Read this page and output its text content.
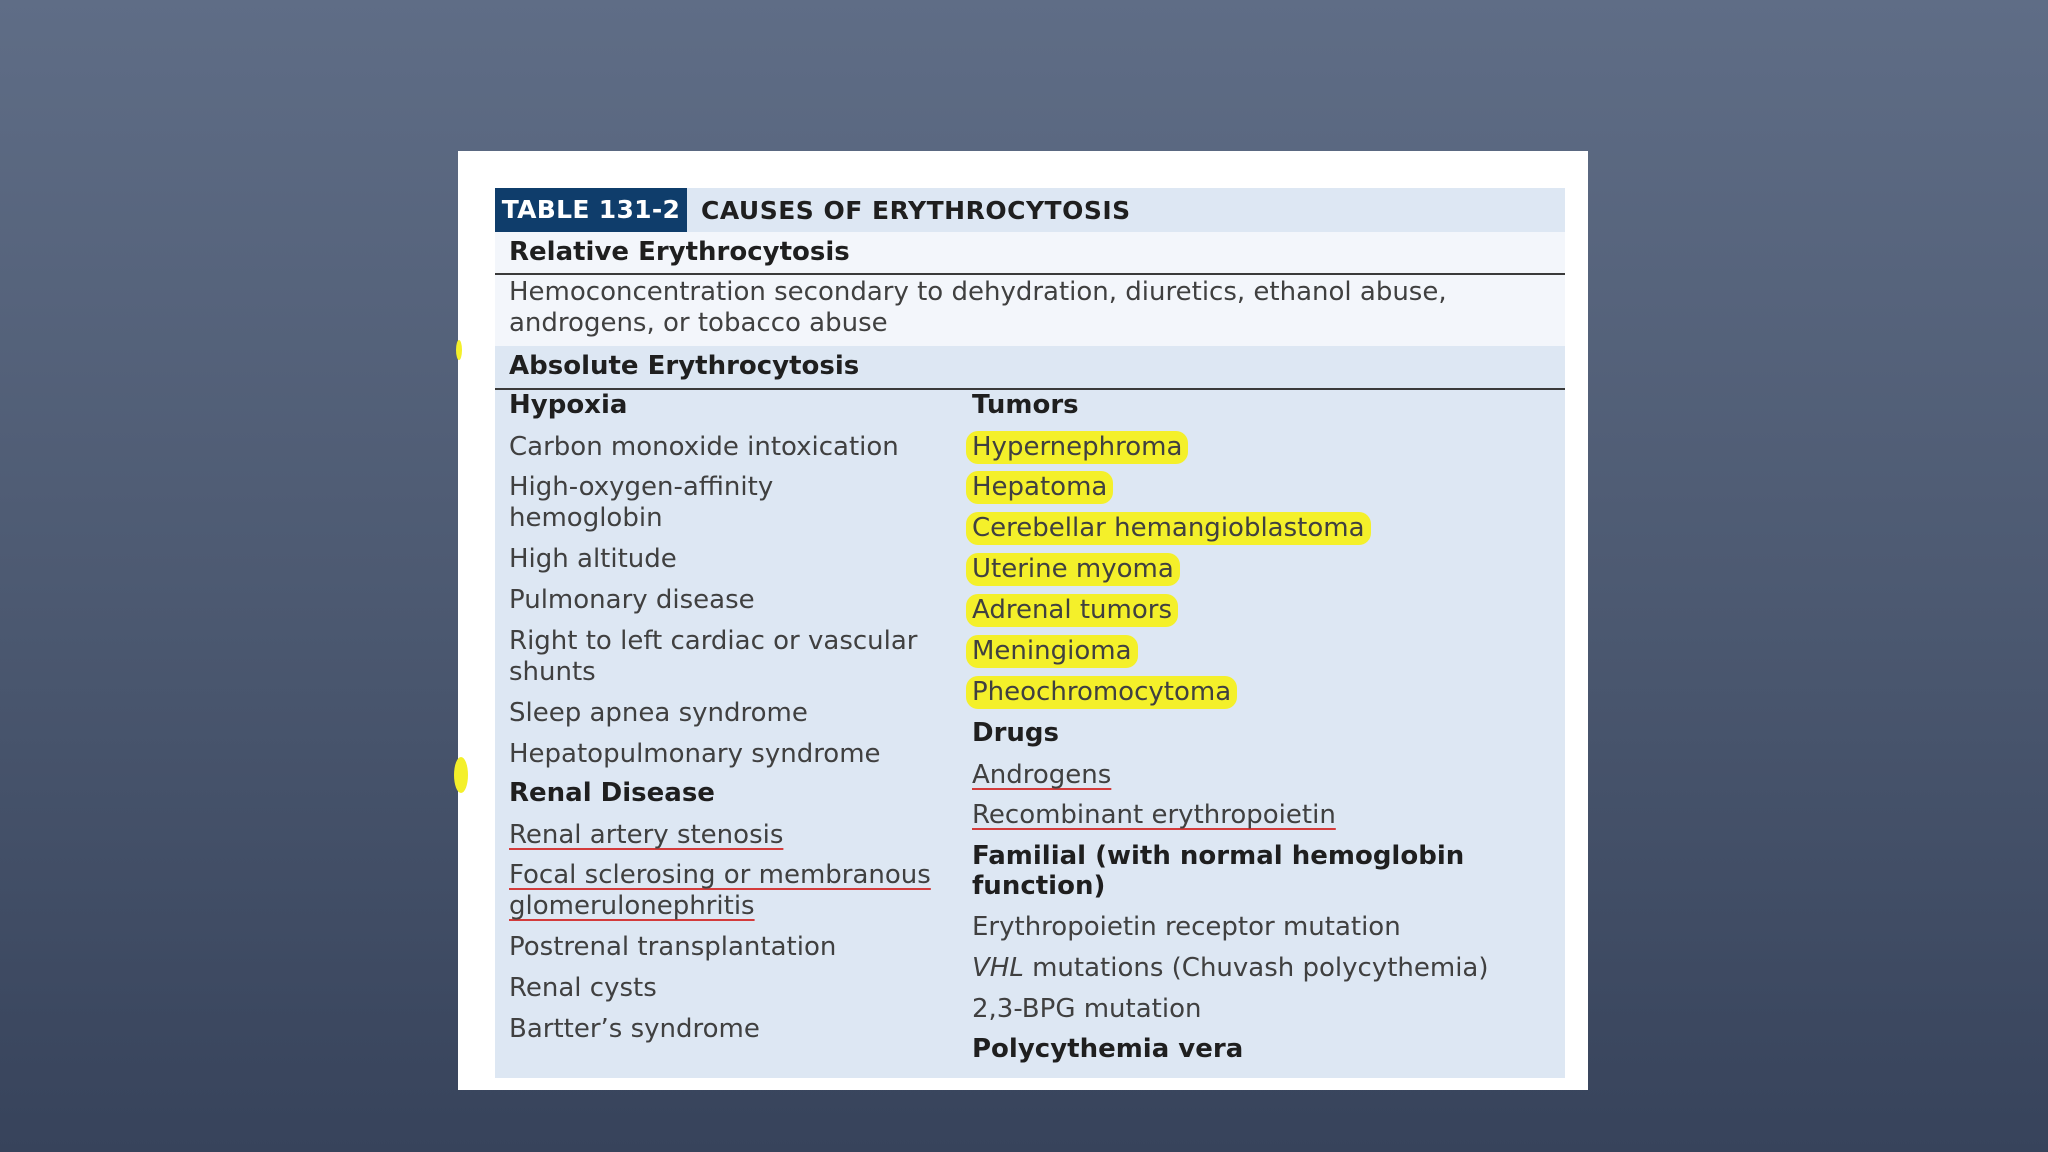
TABLE 131-2 CAUSES OF ERYTHROCYTOSIS
Relative Erythrocytosis
Hemoconcentration secondary to dehydration, diuretics, ethanol abuse, androgens, or tobacco abuse
Absolute Erythrocytosis
Hypoxia
Carbon monoxide intoxication
High-oxygen-affinity hemoglobin
High altitude
Pulmonary disease
Right to left cardiac or vascular shunts
Sleep apnea syndrome
Hepatopulmonary syndrome
Renal Disease
Renal artery stenosis
Focal sclerosing or membranous glomerulonephritis
Postrenal transplantation
Renal cysts
Bartter’s syndrome
Tumors
Hypernephroma
Hepatoma
Cerebellar hemangioblastoma
Uterine myoma
Adrenal tumors
Meningioma
Pheochromocytoma
Drugs
Androgens
Recombinant erythropoietin
Familial (with normal hemoglobin function)
Erythropoietin receptor mutation
VHL mutations (Chuvash polycythemia)
2,3-BPG mutation
Polycythemia vera
